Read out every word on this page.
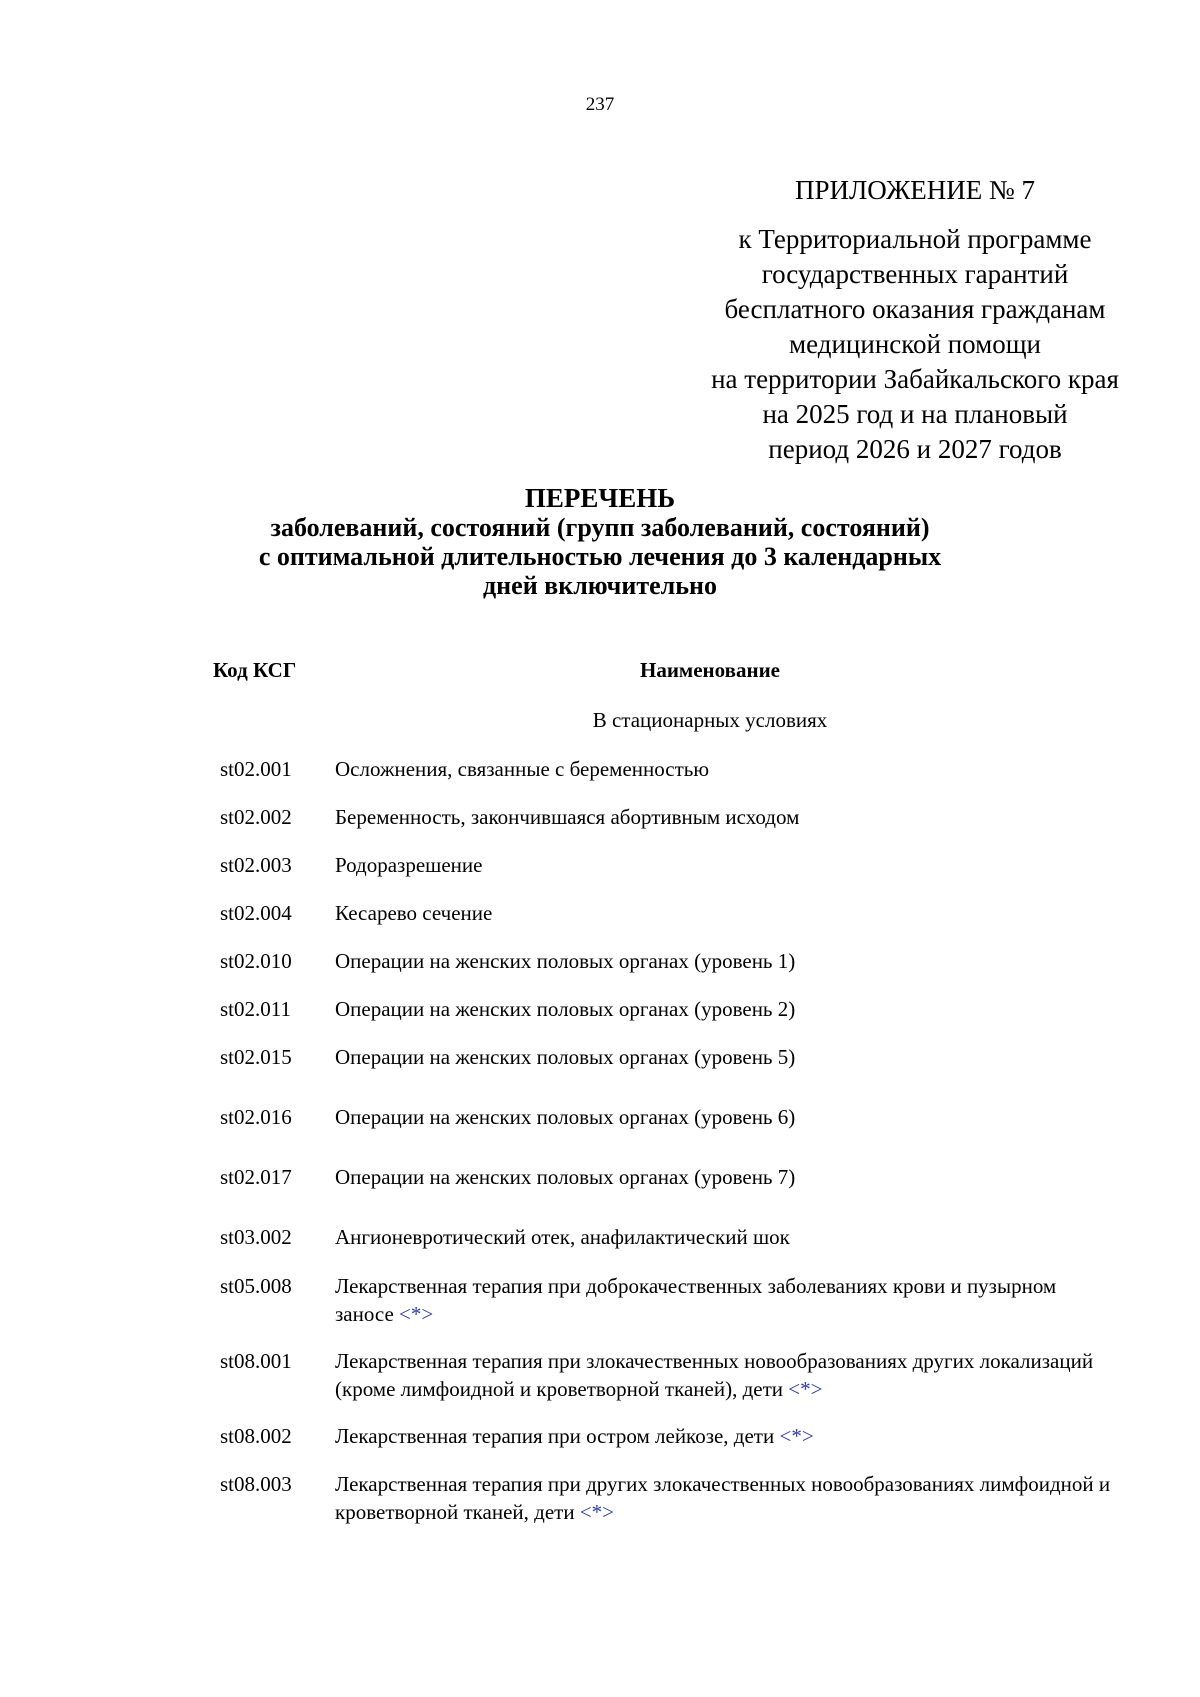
237
ПРИЛОЖЕНИЕ № 7
к Территориальной программе
государственных гарантий
бесплатного оказания гражданам
медицинской помощи
на территории Забайкальского края
на 2025 год и на плановый
период 2026 и 2027 годов
ПЕРЕЧЕНЬ
заболеваний, состояний (групп заболеваний, состояний)
с оптимальной длительностью лечения до 3 календарных
дней включительно
Код КСГ	Наименование
В стационарных условиях
st02.001 Осложнения, связанные с беременностью
st02.002 Беременность, закончившаяся абортивным исходом
st02.003 Родоразрешение
st02.004 Кесарево сечение
st02.010 Операции на женских половых органах (уровень 1)
st02.011 Операции на женских половых органах (уровень 2)
st02.015 Операции на женских половых органах (уровень 5)
st02.016 Операции на женских половых органах (уровень 6)
st02.017 Операции на женских половых органах (уровень 7)
st03.002 Ангионевротический отек, анафилактический шок
st05.008 Лекарственная терапия при доброкачественных заболеваниях крови и пузырном заносе <*>
st08.001 Лекарственная терапия при злокачественных новообразованиях других локализаций (кроме лимфоидной и кроветворной тканей), дети <*>
st08.002 Лекарственная терапия при остром лейкозе, дети <*>
st08.003 Лекарственная терапия при других злокачественных новообразованиях лимфоидной и кроветворной тканей, дети <*>
